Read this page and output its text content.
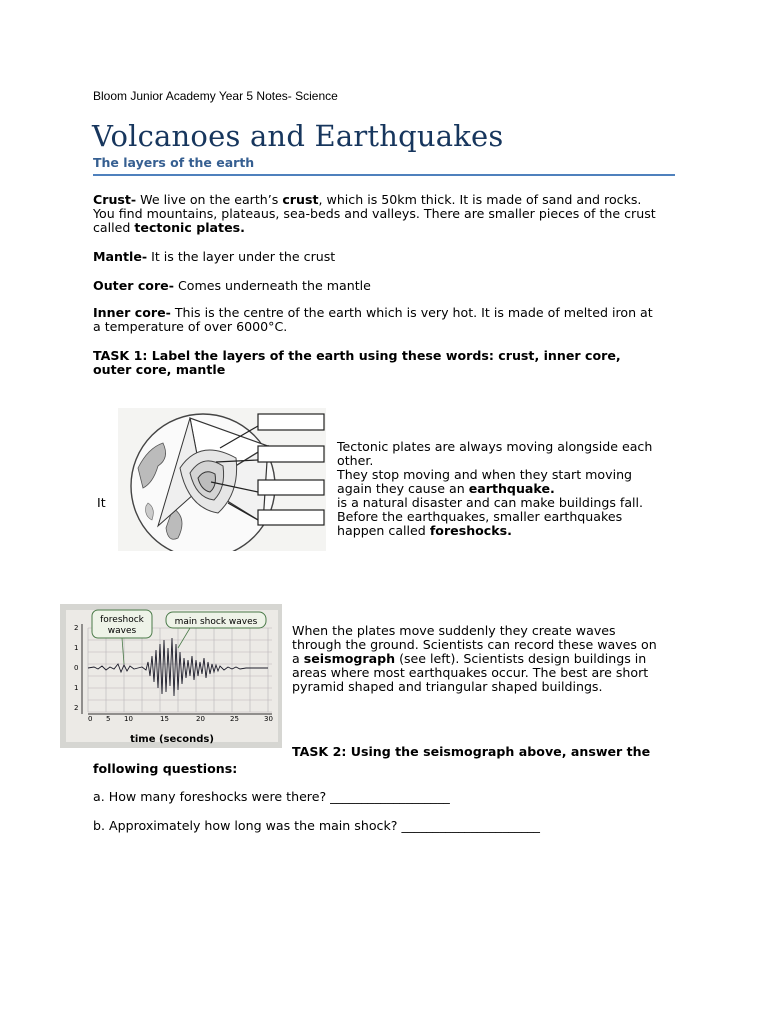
Bloom Junior Academy Year 5 Notes- Science
Volcanoes and Earthquakes
The layers of the earth
Crust- We live on the earth’s crust, which is 50km thick. It is made of sand and rocks.
You find mountains, plateaus, sea-beds and valleys. There are smaller pieces of the crust
called tectonic plates.
Mantle- It is the layer under the crust
Outer core- Comes underneath the mantle
Inner core- This is the centre of the earth which is very hot. It is made of melted iron at
a temperature of over 6000°C.
TASK 1: Label the layers of the earth using these words: crust, inner core,
outer core, mantle
It
Tectonic plates are always moving alongside each
other.
They stop moving and when they start moving
again they cause an earthquake.
is a natural disaster and can make buildings fall.
Before the earthquakes, smaller earthquakes
happen called foreshocks.
2
1
0
1
2
0 5 10	15	20	25	30
foreshock
waves
main shock waves
time (seconds)
When the plates move suddenly they create waves
through the ground. Scientists can record these waves on
a seismograph (see left). Scientists design buildings in
areas where most earthquakes occur. The best are short
pyramid shaped and triangular shaped buildings.
TASK 2: Using the seismograph above, answer the
following questions:
a. How many foreshocks were there? ___________________
b. Approximately how long was the main shock? ______________________
